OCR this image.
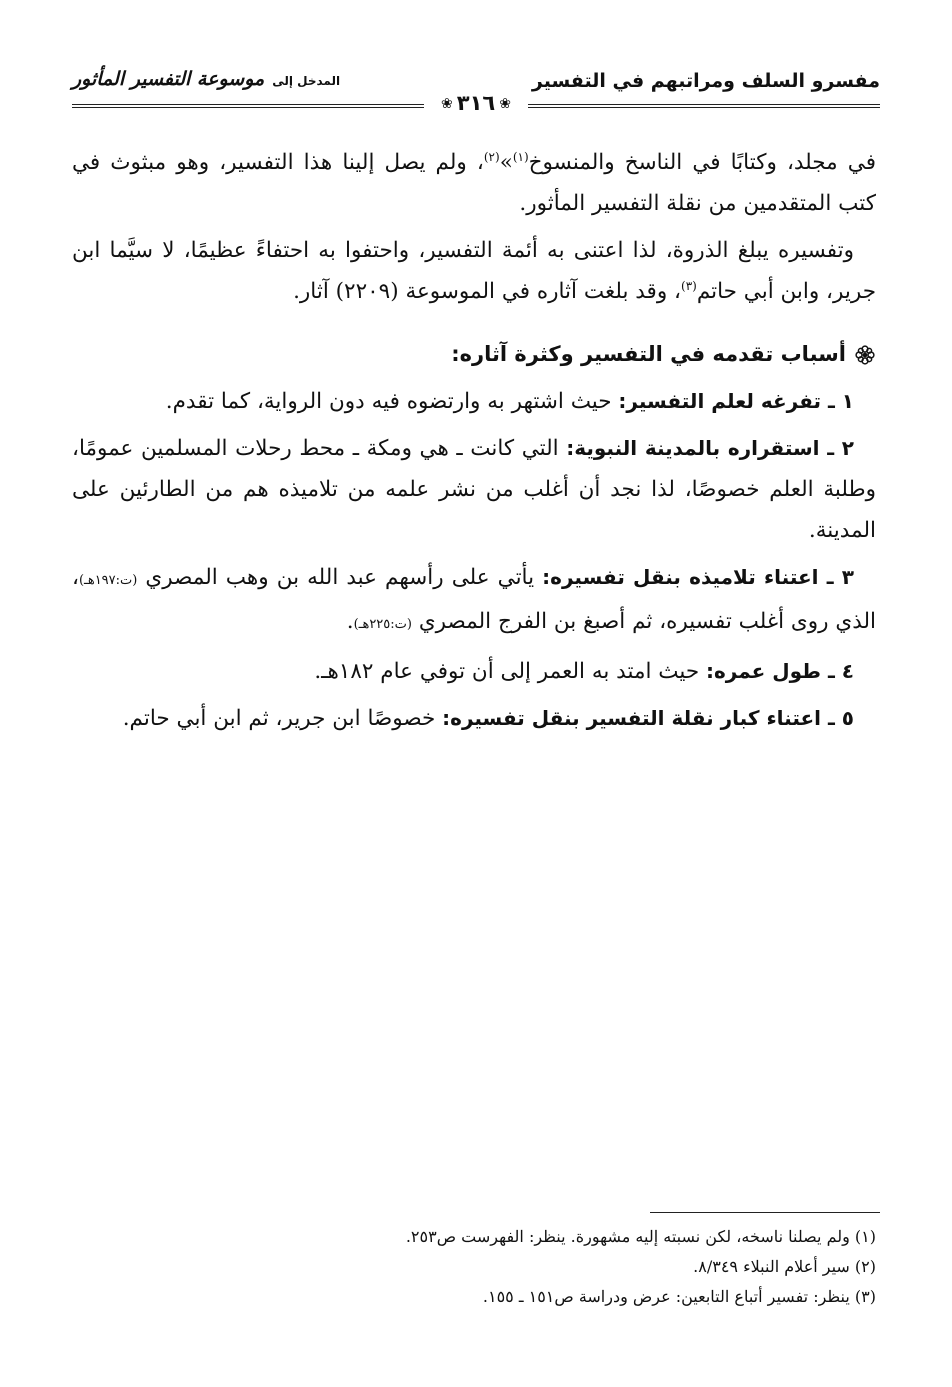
مفسرو السلف ومراتبهم في التفسير
المدخل إلى
موسوعة التفسير المأثور
❀٣١٦❀

في مجلد، وكتابًا في الناسخ والمنسوخ$^{(١)}$»$^{(٢)}$، ولم يصل إلينا هذا التفسير، وهو مبثوث في كتب المتقدمين من نقلة التفسير المأثور.

وتفسيره يبلغ الذروة، لذا اعتنى به أئمة التفسير، واحتفوا به احتفاءً عظيمًا، لا سيَّما ابن جرير، وابن أبي حاتم$^{(٣)}$، وقد بلغت آثاره في الموسوعة (٢٢٠٩) آثار.

أسباب تقدمه في التفسير وكثرة آثاره:

١ ـ تفرغه لعلم التفسير: حيث اشتهر به وارتضوه فيه دون الرواية، كما تقدم.

٢ ـ استقراره بالمدينة النبوية: التي كانت ـ هي ومكة ـ محط رحلات المسلمين عمومًا، وطلبة العلم خصوصًا، لذا نجد أن أغلب من نشر علمه من تلاميذه هم من الطارئين على المدينة.

٣ ـ اعتناء تلاميذه بنقل تفسيره: يأتي على رأسهم عبد الله بن وهب المصري (ت:١٩٧هـ)، الذي روى أغلب تفسيره، ثم أصبغ بن الفرج المصري (ت:٢٢٥هـ).

٤ ـ طول عمره: حيث امتد به العمر إلى أن توفي عام ١٨٢هـ.

٥ ـ اعتناء كبار نقلة التفسير بنقل تفسيره: خصوصًا ابن جرير، ثم ابن أبي حاتم.

(١) ولم يصلنا ناسخه، لكن نسبته إليه مشهورة. ينظر: الفهرست ص٢٥٣.

(٢) سير أعلام النبلاء ٨/٣٤٩.

(٣) ينظر: تفسير أتباع التابعين: عرض ودراسة ص١٥١ ـ ١٥٥.
